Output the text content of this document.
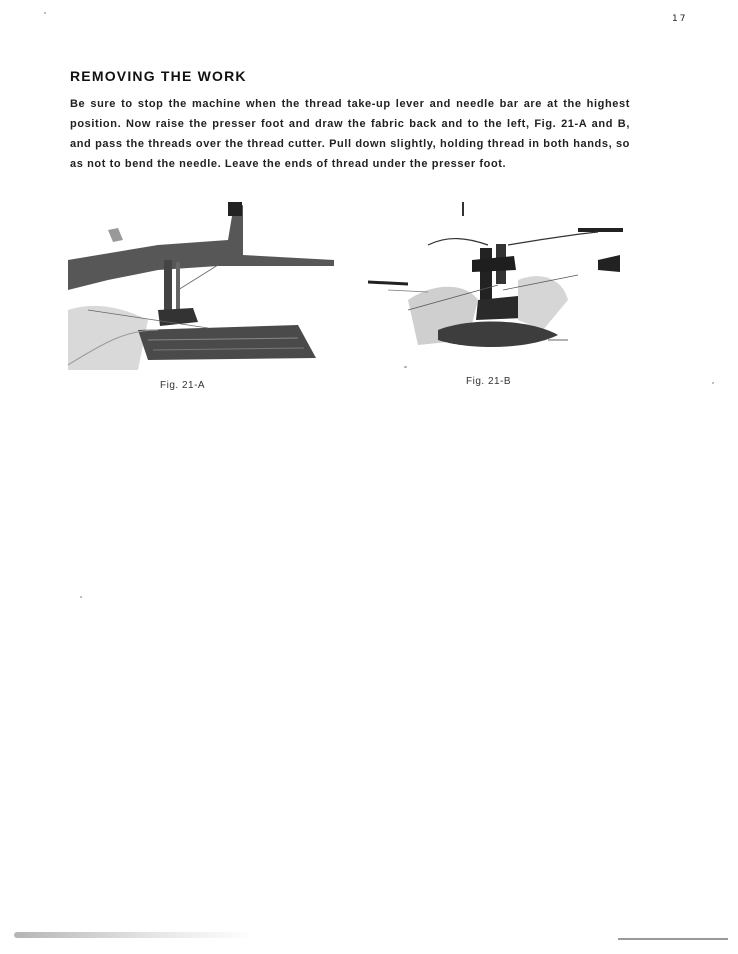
17
REMOVING THE WORK
Be sure to stop the machine when the thread take-up lever and needle bar are at the highest position. Now raise the presser foot and draw the fabric back and to the left, Fig. 21-A and B, and pass the threads over the thread cutter. Pull down slightly, holding thread in both hands, so as not to bend the needle. Leave the ends of thread under the presser foot.
Fig. 21-A	Fig. 21-B
